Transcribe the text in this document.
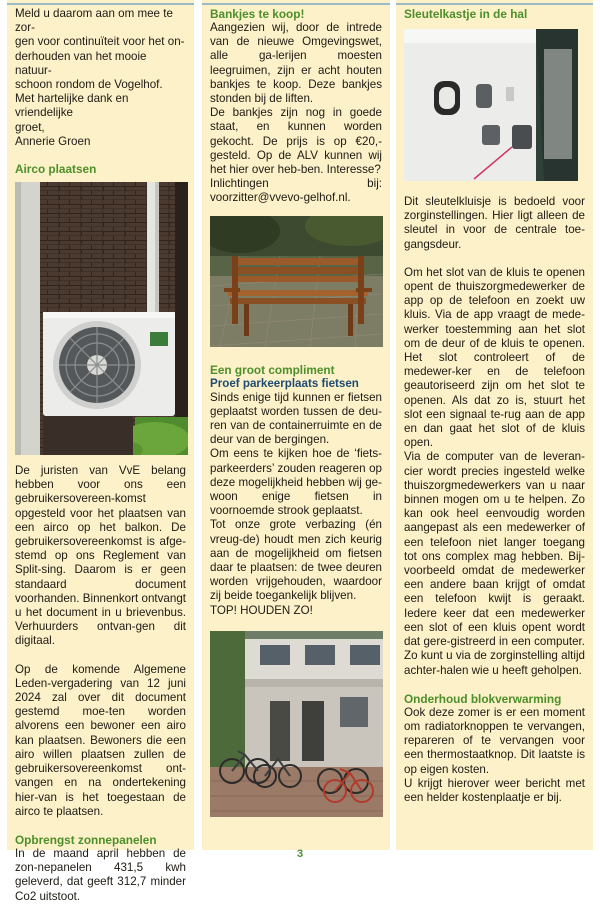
Meld u daarom aan om mee te zor-

gen voor continuïteit voor het on-

derhouden van het mooie natuur-

schoon rondom de Vogelhof.

Met hartelijke dank en vriendelijke

groet,

Annerie Groen

Airco plaatsen

De juristen van VvE belang hebben voor ons een gebruikersovereen-komst opgesteld voor het plaatsen van een airco op het balkon. De gebruikersovereenkomst is afge-stemd op ons Reglement van Split-sing. Daarom is er geen standaard document voorhanden. Binnenkort ontvangt u het document in u brievenbus. Verhuurders ontvan-gen dit digitaal.

Op de komende Algemene Leden-vergadering van 12 juni 2024 zal over dit document gestemd moe-ten worden alvorens een bewoner een airo kan plaatsen. Bewoners die een airo willen plaatsen zullen de gebruikersovereenkomst ont-vangen en na ondertekening hier-van is het toegestaan de airco te plaatsen.

Opbrengst zonnepanelen

In de maand april hebben de zon-nepanelen 431,5 kwh geleverd, dat geeft 312,7 minder Co2 uitstoot.

Bankjes te koop!

Aangezien wij, door de intrede van de nieuwe Omgevingswet, alle ga-lerijen moesten leegruimen, zijn er acht houten bankjes te koop. Deze bankjes stonden bij de liften.

De bankjes zijn nog in goede staat, en kunnen worden gekocht. De prijs is op €20,- gesteld. Op de ALV kunnen wij het hier over heb-ben. Interesse?

Inlichtingen bij: voorzitter@vvevo-gelhof.nl.

Een groot compliment
Proef parkeerplaats fietsen

Sinds enige tijd kunnen er fietsen geplaatst worden tussen de deu-ren van de containerruimte en de deur van de bergingen.

Om eens te kijken hoe de ‘fiets-parkeerders’ zouden reageren op deze mogelijkheid hebben wij ge-woon enige fietsen in voornoemde strook geplaatst.

Tot onze grote verbazing (én vreug-de) houdt men zich keurig aan de mogelijkheid om fietsen daar te plaatsen: de twee deuren worden vrijgehouden, waardoor zij beide toegankelijk blijven.

TOP! HOUDEN ZO!

Sleutelkastje in de hal

Dit sleutelkluisje is bedoeld voor zorginstellingen. Hier ligt alleen de sleutel in voor de centrale toe-gangsdeur.

Om het slot van de kluis te openen opent de thuiszorgmedewerker de app op de telefoon en zoekt uw kluis. Via de app vraagt de mede-werker toestemming aan het slot om de deur of de kluis te openen. Het slot controleert of de medewer-ker en de telefoon geautoriseerd zijn om het slot te openen. Als dat zo is, stuurt het slot een signaal te-rug aan de app en dan gaat het slot of de kluis open.

Via de computer van de leveran-cier wordt precies ingesteld welke thuiszorgmedewerkers van u naar binnen mogen om u te helpen. Zo kan ook heel eenvoudig worden aangepast als een medewerker of een telefoon niet langer toegang tot ons complex mag hebben. Bij-voorbeeld omdat de medewerker een andere baan krijgt of omdat een telefoon kwijt is geraakt. Iedere keer dat een medewerker een slot of een kluis opent wordt dat gere-gistreerd in een computer. Zo kunt u via de zorginstelling altijd achter-halen wie u heeft geholpen.

Onderhoud blokverwarming

Ook deze zomer is er een moment om radiatorknoppen te vervangen, repareren of te vervangen voor een thermostaatknop. Dit laatste is op eigen kosten.

U krijgt hierover weer bericht met een helder kostenplaatje er bij.

3
